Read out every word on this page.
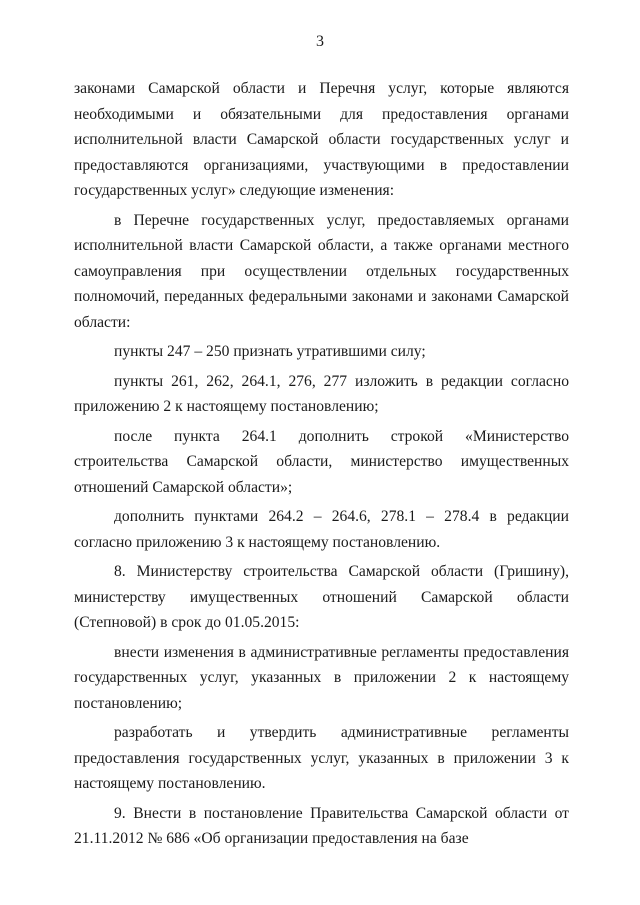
3

законами Самарской области и Перечня услуг, которые являются необходимыми и обязательными для предоставления органами исполнительной власти Самарской области государственных услуг и предоставляются организациями, участвующими в предоставлении государственных услуг» следующие изменения:

в Перечне государственных услуг, предоставляемых органами исполнительной власти Самарской области, а также органами местного самоуправления при осуществлении отдельных государственных полномочий, переданных федеральными законами и законами Самарской области:

пункты 247 – 250 признать утратившими силу;

пункты 261, 262, 264.1, 276, 277 изложить в редакции согласно приложению 2 к настоящему постановлению;

после пункта 264.1 дополнить строкой «Министерство строительства Самарской области, министерство имущественных отношений Самарской области»;

дополнить пунктами 264.2 – 264.6, 278.1 – 278.4 в редакции согласно приложению 3 к настоящему постановлению.

8. Министерству строительства Самарской области (Гришину), министерству имущественных отношений Самарской области (Степновой) в срок до 01.05.2015:

внести изменения в административные регламенты предоставления государственных услуг, указанных в приложении 2 к настоящему постановлению;

разработать и утвердить административные регламенты предоставления государственных услуг, указанных в приложении 3 к настоящему постановлению.

9. Внести в постановление Правительства Самарской области от 21.11.2012 № 686 «Об организации предоставления на базе
